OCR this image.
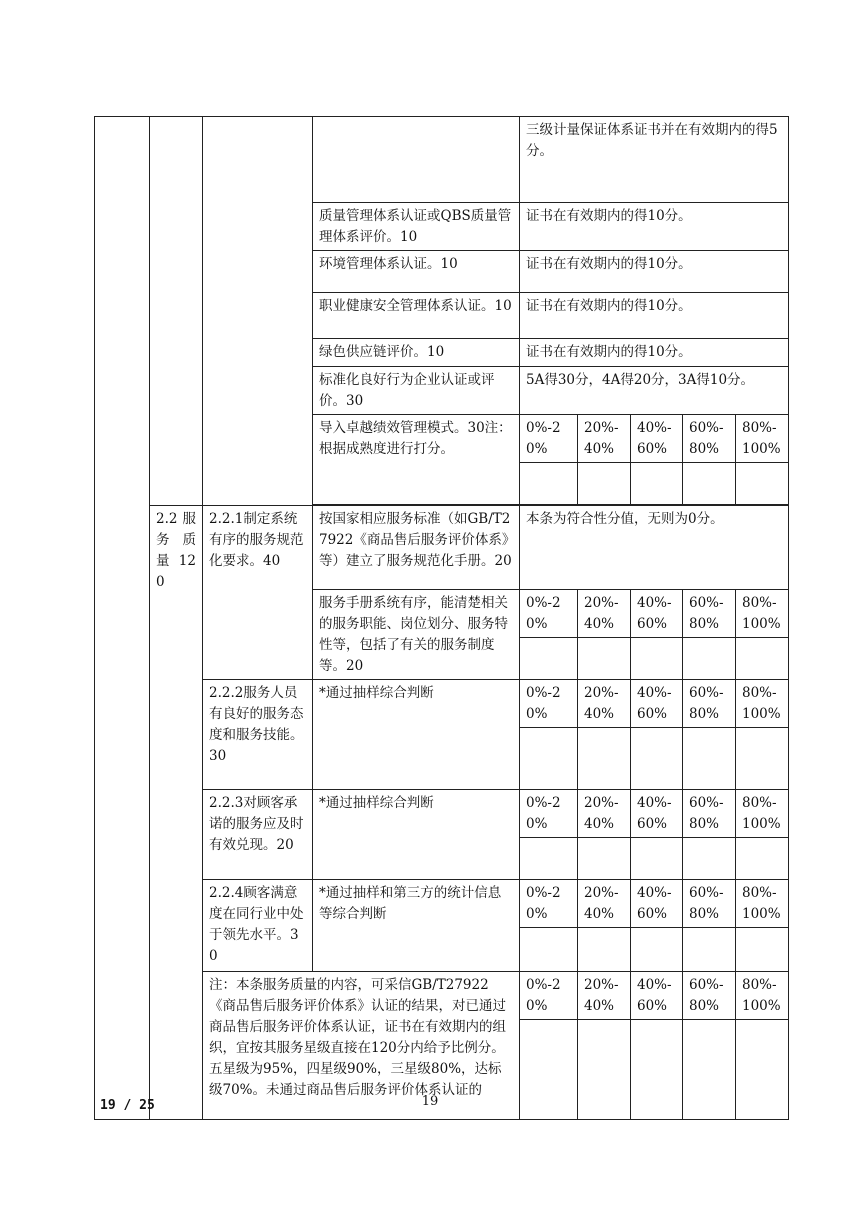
				三级计量保证体系证书并在有效期内的得5分。				
			质量管理体系认证或QBS质量管理体系评价。10	证书在有效期内的得10分。				
			环境管理体系认证。10	证书在有效期内的得10分。				
			职业健康安全管理体系认证。10	证书在有效期内的得10分。				
			绿色供应链评价。10	证书在有效期内的得10分。				
			标准化良好行为企业认证或评价。30	5A得30分，4A得20分，3A得10分。				
			导入卓越绩效管理模式。30注：根据成熟度进行打分。	0%-20%	20%-40%	40%-60%	60%-80%	80%-100%

	2.2 服 务 质 量 120	2.2.1制定系统有序的服务规范化要求。40	按国家相应服务标准（如GB/T27922《商品售后服务评价体系》等）建立了服务规范化手册。20	本条为符合性分值，无则为0分。				
			服务手册系统有序，能清楚相关的服务职能、岗位划分、服务特性等，包括了有关的服务制度等。20	0%-20%	20%-40%	40%-60%	60%-80%	80%-100%

		2.2.2服务人员有良好的服务态度和服务技能。30	*通过抽样综合判断	0%-20%	20%-40%	40%-60%	60%-80%	80%-100%

		2.2.3对顾客承诺的服务应及时有效兑现。20	*通过抽样综合判断	0%-20%	20%-40%	40%-60%	60%-80%	80%-100%

		2.2.4顾客满意度在同行业中处于领先水平。30	*通过抽样和第三方的统计信息等综合判断	0%-20%	20%-40%	40%-60%	60%-80%	80%-100%

		注：本条服务质量的内容，可采信GB/T27922《商品售后服务评价体系》认证的结果，对已通过商品售后服务评价体系认证，证书在有效期内的组织，宜按其服务星级直接在120分内给予比例分。五星级为95%，四星级90%，三星级80%，达标级70%。未通过商品售后服务评价体系认证的		0%-20%	20%-40%	40%-60%	60%-80%	80%-100%

19 / 25	19
